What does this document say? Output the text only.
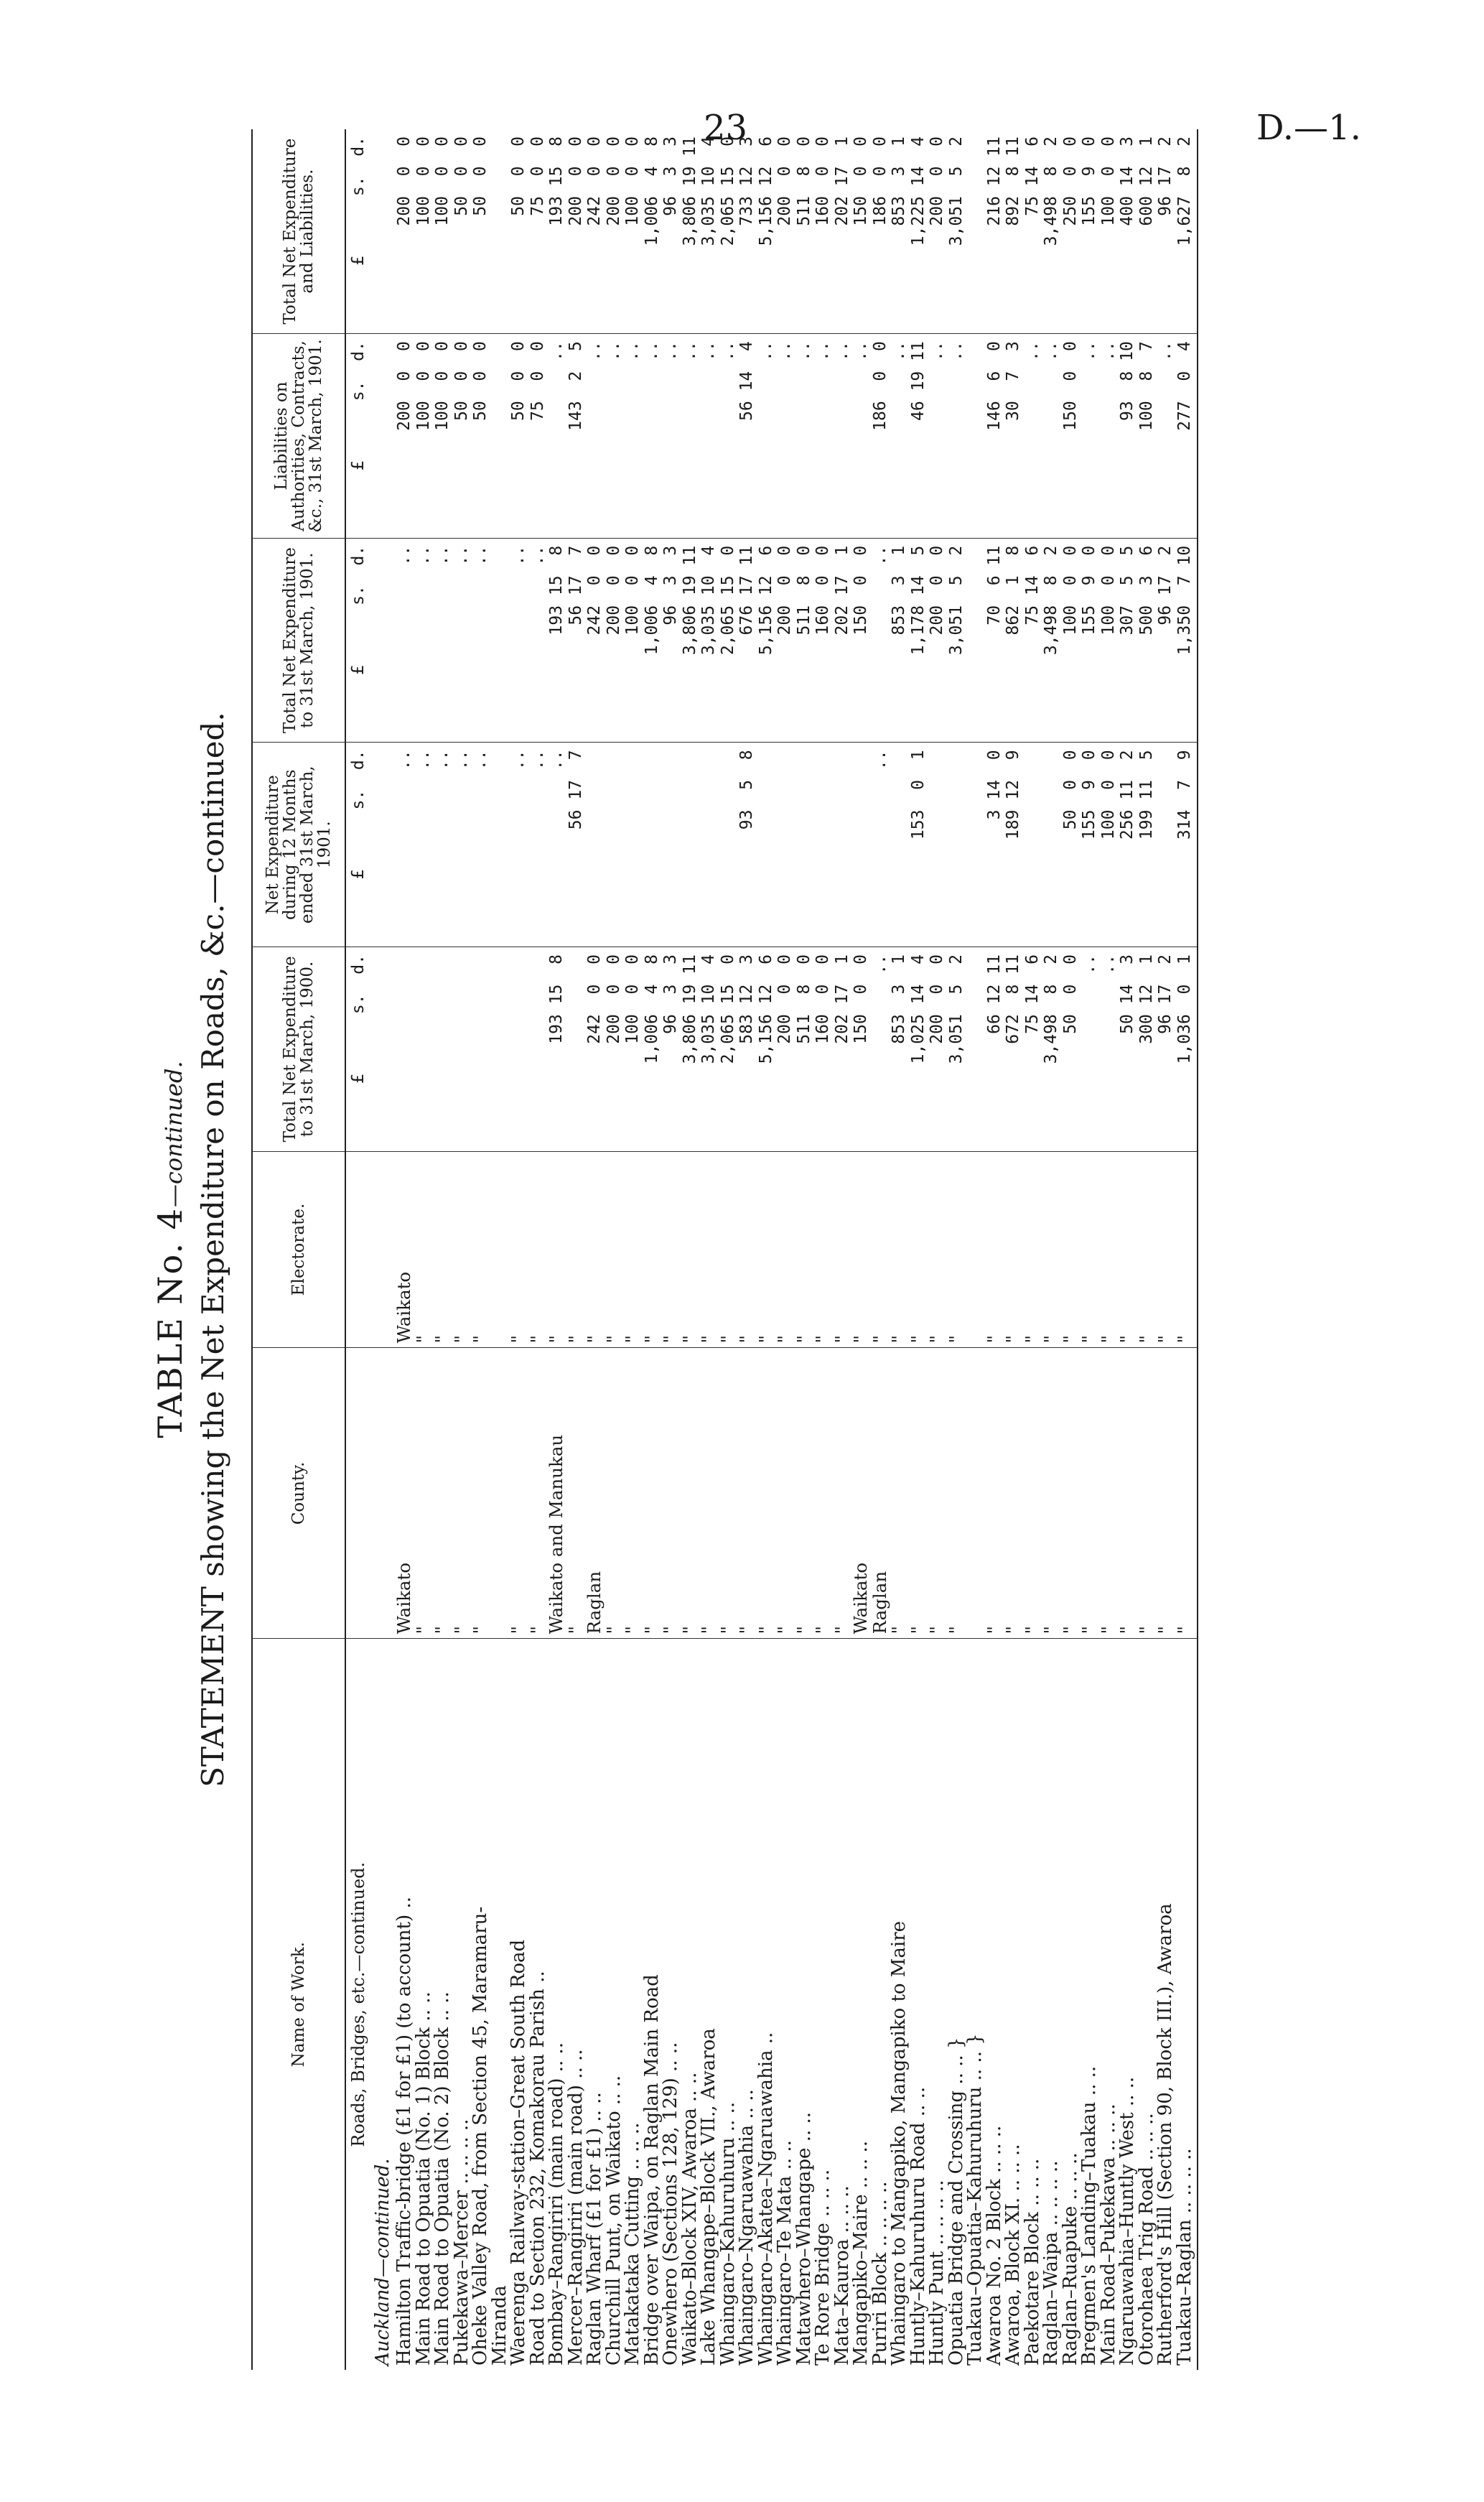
23	D.—1.
TABLE No. 4—continued. STATEMENT showing the Net Expenditure on Roads, &c.—continued.
Name of Work.	County.	Electorate.	Total Net Expenditure to 31st March, 1900.	Net Expenditure during 12 Months ended 31st March, 1901.	Total Net Expenditure to 31st March, 1901.	Liabilities on Authorities, Contracts, &c., 31st March, 1901.	Total Net Expenditure and Liabilities.
Roads, Bridges, etc.—continued.			£      s.  d.	£      s.  d.	£      s.  d.	£      s.  d.	£      s.  d.
Auckland—continued.							
Hamilton Traffic-bridge (£1 for £1) (to account) ..	Waikato	Waikato		..	..	200  0  0	200  0  0
Main Road to Opuatia (No. 1) Block .. ..	"	"		..	..	100  0  0	100  0  0
Main Road to Opuatia (No. 2) Block .. ..	"	"		..	..	100  0  0	100  0  0
Pukekawa–Mercer .. .. .. ..	"	"		..	..	50  0  0	50  0  0
Oheke Valley Road, from Section 45, Maramaru-	"	"		..	..	50  0  0	50  0  0
Miranda							
Waerenga Railway-station–Great South Road	"	"		..	..	50  0  0	50  0  0
Road to Section 232, Komakorau Parish ..	"	"		..	..	75  0  0	75  0  0
Bombay–Rangiriri (main road) .. ..	Waikato and Manukau	"	193 15  8	..	193 15  8	..	193 15  8
Mercer–Rangiriri (main road) .. ..	"	"		56 17  7	56 17  7	143  2  5	200  0  0
Raglan Wharf (£1 for £1) .. ..	Raglan	"	242  0  0		242  0  0	..	242  0  0
Churchill Punt, on Waikato .. ..	"	"	200  0  0		200  0  0	..	200  0  0
Matakataka Cutting .. .. ..	"	"	100  0  0		100  0  0	..	100  0  0
Bridge over Waipa, on Raglan Main Road	"	"	1,006  4  8		1,006  4  8	..	1,006  4  8
Onewhero (Sections 128, 129) .. ..	"	"	96  3  3		96  3  3	..	96  3  3
Waikato–Block XIV, Awaroa .. ..	"	"	3,806 19 11		3,806 19 11	..	3,806 19 11
Lake Whangape–Block VII., Awaroa	"	"	3,035 10  4		3,035 10  4	..	3,035 10  4
Whaingaro–Kahuruhuru .. ..	"	"	2,065 15  0		2,065 15  0	..	2,065 15  0
Whaingaro–Ngaruawahia .. ..	"	"	583 12  3	93  5  8	676 17 11	56 14  4	733 12  3
Whaingaro–Akatea–Ngaruawahia ..	"	"	5,156 12  6		5,156 12  6	..	5,156 12  6
Whaingaro–Te Mata .. ..	"	"	200  0  0		200  0  0	..	200  0  0
Matawhero–Whangape .. ..	"	"	511  8  0		511  8  0	..	511  8  0
Te Rore Bridge .. .. ..	"	"	160  0  0		160  0  0	..	160  0  0
Mata–Kauroa .. .. ..	"	"	202 17  1		202 17  1	..	202 17  1
Mangapiko–Maire .. .. ..	Waikato	"	150  0  0		150  0  0	..	150  0  0
Puriri Block .. .. .. ..	Raglan	"	..	..	..	186  0  0	186  0  0
Whaingaro to Mangapiko, Mangapiko to Maire	"	"	853  3  1		853  3  1	..	853  3  1
Huntly–Kahuruhuru Road .. ..	"	"	1,025 14  4	153  0  1	1,178 14  5	46 19 11	1,225 14  4
Huntly Punt .. .. .. ..	"	"	200  0  0		200  0  0	..	200  0  0
Opuatia Bridge and Crossing .. .. }	"	"	3,051  5  2		3,051  5  2	..	3,051  5  2
Tuakau–Opuatia–Kahuruhuru .. .. }							
Awaroa No. 2 Block .. .. ..	"	"	66 12 11	3 14  0	70  6 11	146  6  0	216 12 11
Awaroa, Block XI. .. .. ..	"	"	672  8 11	189 12  9	862  1  8	30  7  3	892  8 11
Paekotare Block .. .. ..	"	"	75 14  6		75 14  6	..	75 14  6
Raglan–Waipa .. .. .. ..	"	"	3,498  8  2		3,498  8  2	..	3,498  8  2
Raglan–Ruapuke .. .. ..	"	"	50  0  0	50  0  0	100  0  0	150  0  0	250  0  0
Bregmen's Landing–Tuakau .. ..	"	"	..	155  9  0	155  9  0	..	155  9  0
Main Road–Pukekawa .. .. ..	"	"	..	100  0  0	100  0  0	..	100  0  0
Ngaruawahia–Huntly West .. ..	"	"	50 14  3	256 11  2	307  5  5	93  8 10	400 14  3
Otorohaea Trig Road .. .. ..	"	"	300 12  1	199 11  5	500  3  6	100  8  7	600 12  1
Rutherford's Hill (Section 90, Block III.), Awaroa	"	"	96 17  2		96 17  2	..	96 17  2
Tuakau–Raglan .. .. .. ..	"	"	1,036  0  1	314  7  9	1,350  7 10	277  0  4	1,627  8  2
